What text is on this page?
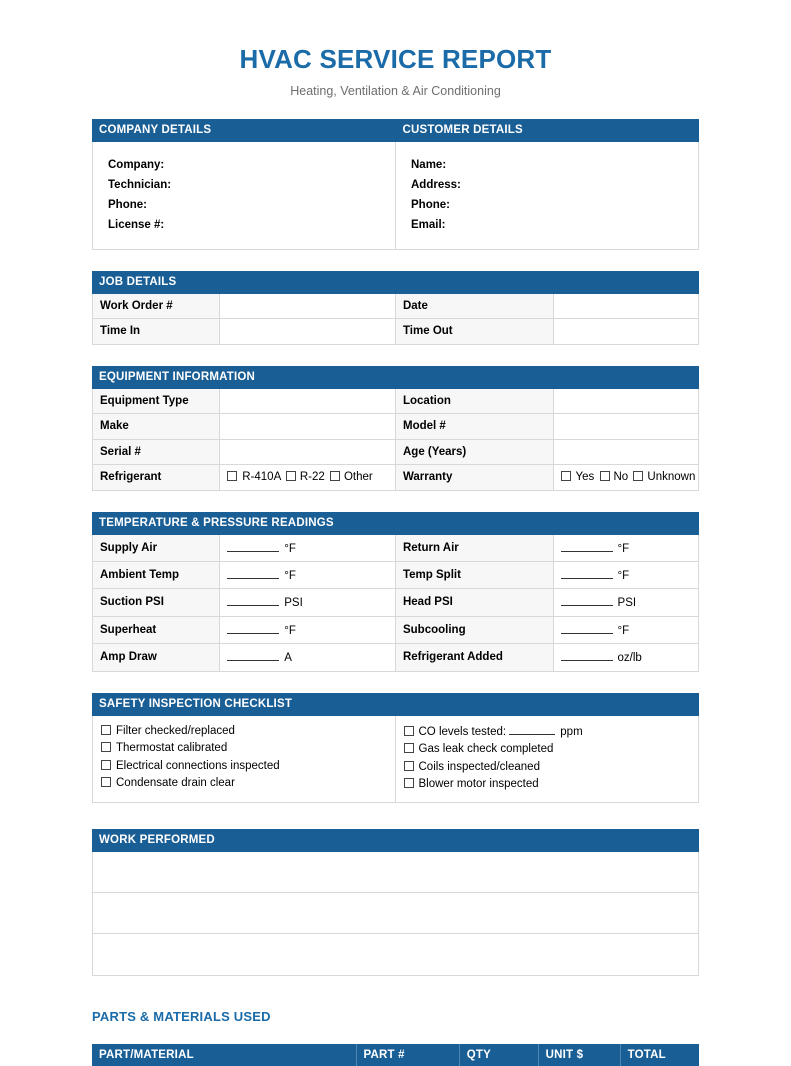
HVAC SERVICE REPORT

Heating, Ventilation & Air Conditioning

COMPANY DETAILS	CUSTOMER DETAILS
Company:
Technician:
Phone:
License #:

Name:
Address:
Phone:
Email:
JOB DETAILS
Work Order #		Date	
Time In		Time Out	
EQUIPMENT INFORMATION
Equipment Type		Location	
Make		Model #	
Serial #		Age (Years)	
Refrigerant	R-410A R-22 Other	Warranty	Yes No Unknown
TEMPERATURE & PRESSURE READINGS
Supply Air	°F	Return Air	°F
Ambient Temp	°F	Temp Split	°F
Suction PSI	PSI	Head PSI	PSI
Superheat	°F	Subcooling	°F
Amp Draw	A	Refrigerant Added	oz/lb
SAFETY INSPECTION CHECKLIST
Filter checked/replaced
Thermostat calibrated
Electrical connections inspected
Condensate drain clear
CO levels tested:	ppm
Gas leak check completed
Coils inspected/cleaned
Blower motor inspected
WORK PERFORMED
PARTS & MATERIALS USED
PART/MATERIAL	PART #	QTY	UNIT $	TOTAL
